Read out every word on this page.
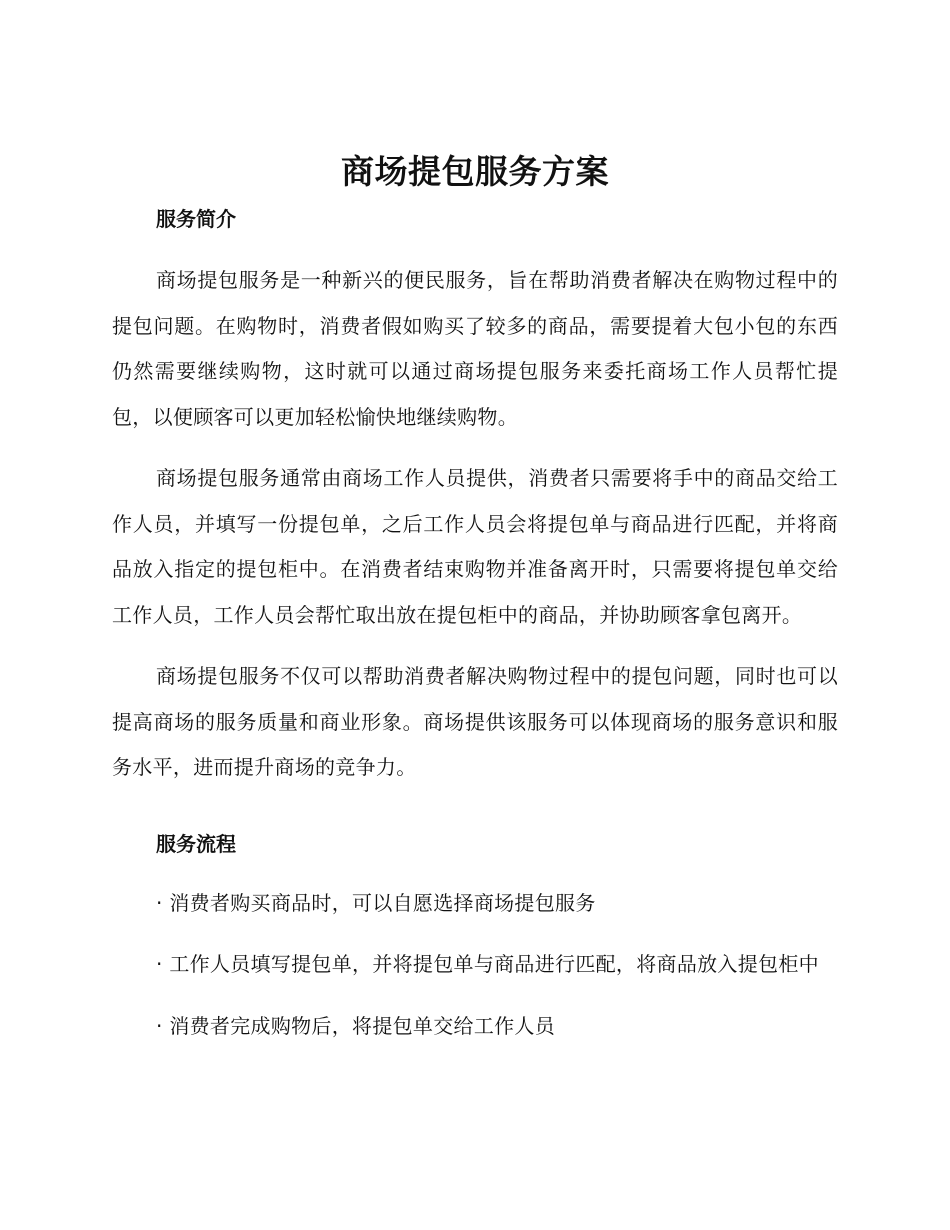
商场提包服务方案
服务简介

商场提包服务是一种新兴的便民服务，旨在帮助消费者解决在购物过程中的提包问题。在购物时，消费者假如购买了较多的商品，需要提着大包小包的东西仍然需要继续购物，这时就可以通过商场提包服务来委托商场工作人员帮忙提包，以便顾客可以更加轻松愉快地继续购物。

商场提包服务通常由商场工作人员提供，消费者只需要将手中的商品交给工作人员，并填写一份提包单，之后工作人员会将提包单与商品进行匹配，并将商品放入指定的提包柜中。在消费者结束购物并准备离开时，只需要将提包单交给工作人员，工作人员会帮忙取出放在提包柜中的商品，并协助顾客拿包离开。

商场提包服务不仅可以帮助消费者解决购物过程中的提包问题，同时也可以提高商场的服务质量和商业形象。商场提供该服务可以体现商场的服务意识和服务水平，进而提升商场的竞争力。

服务流程

· 消费者购买商品时，可以自愿选择商场提包服务

· 工作人员填写提包单，并将提包单与商品进行匹配，将商品放入提包柜中

· 消费者完成购物后，将提包单交给工作人员
